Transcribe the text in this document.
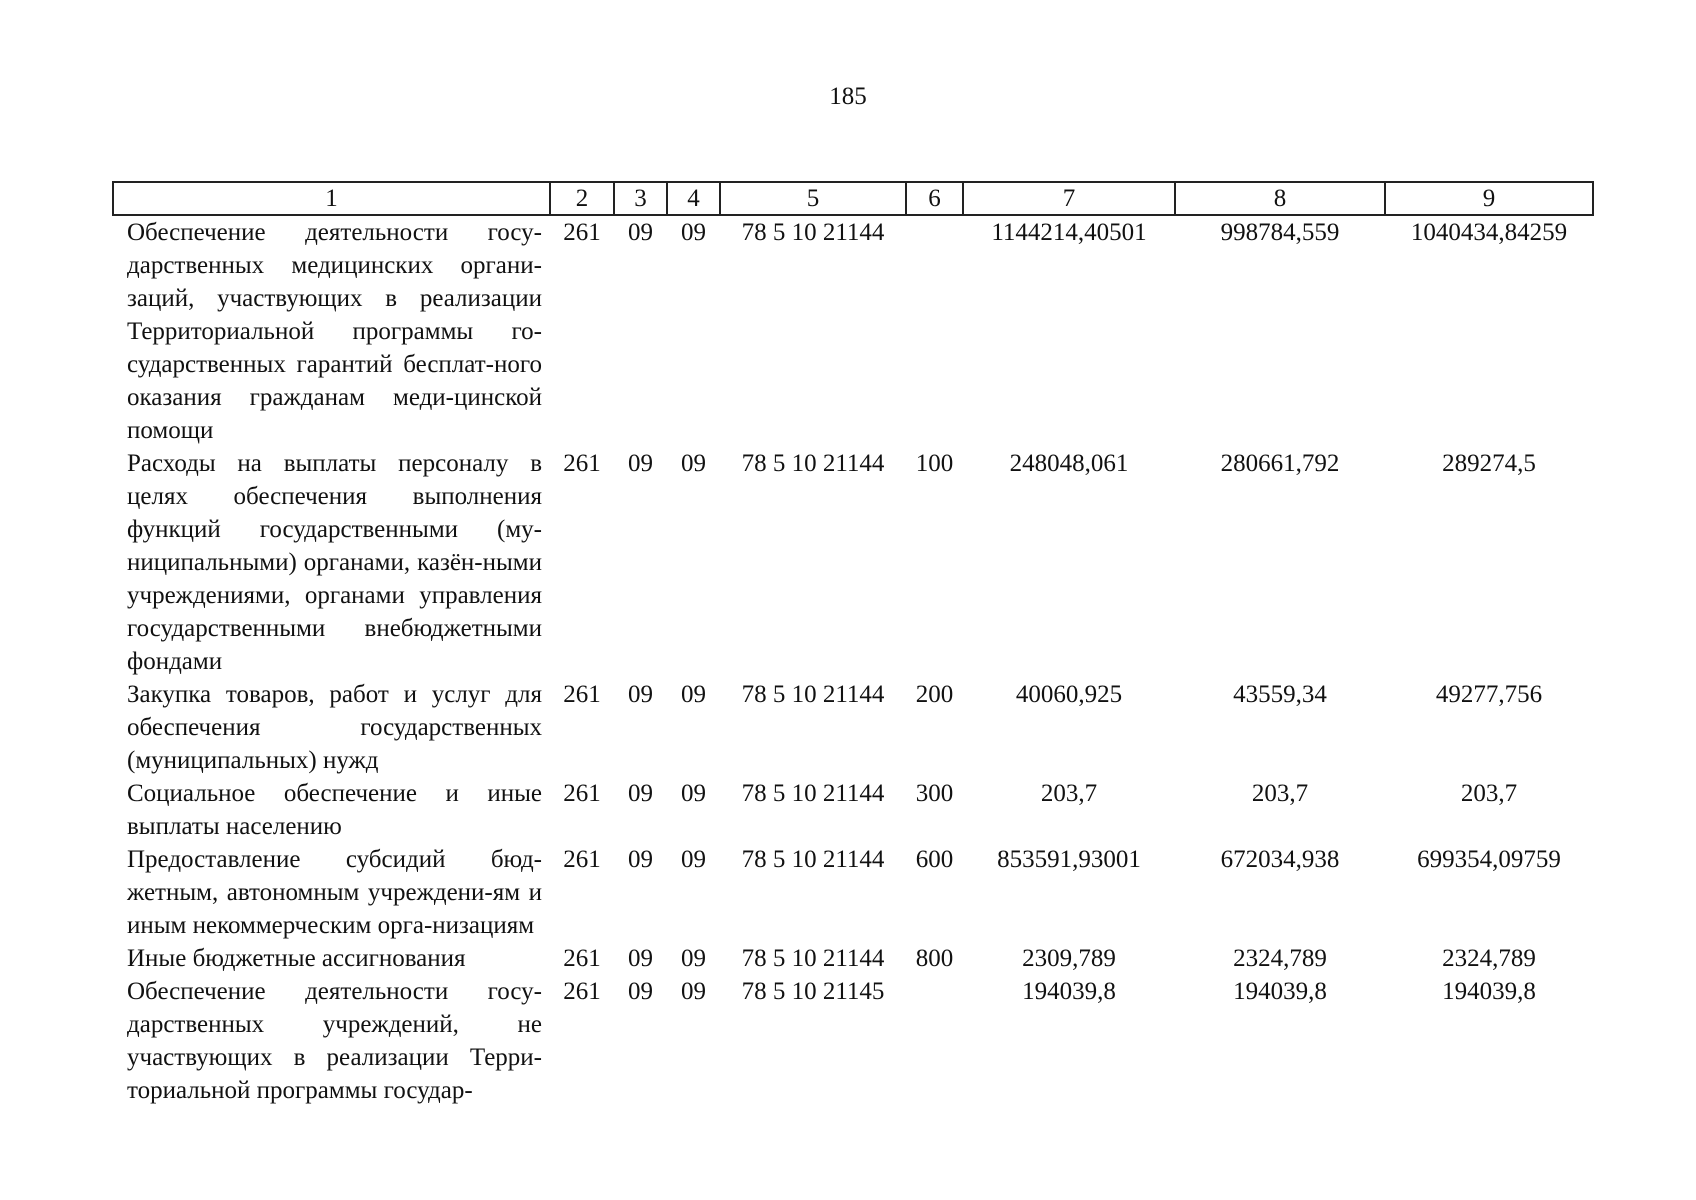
185
1	2	3	4	5	6	7	8	9
Обеспечение деятельности госу-дарственных медицинских органи-заций, участвующих в реализации Территориальной программы го-сударственных гарантий бесплат-ного оказания гражданам меди-цинской помощи	261	09	09	78 5 10 21144		1144214,40501	998784,559	1040434,84259
Расходы на выплаты персоналу в целях обеспечения выполнения функций государственными (му-ниципальными) органами, казён-ными учреждениями, органами управления государственными внебюджетными фондами	261	09	09	78 5 10 21144	100	248048,061	280661,792	289274,5
Закупка товаров, работ и услуг для обеспечения государственных (муниципальных) нужд	261	09	09	78 5 10 21144	200	40060,925	43559,34	49277,756
Социальное обеспечение и иные выплаты населению	261	09	09	78 5 10 21144	300	203,7	203,7	203,7
Предоставление субсидий бюд-жетным, автономным учреждени-ям и иным некоммерческим орга-низациям	261	09	09	78 5 10 21144	600	853591,93001	672034,938	699354,09759
Иные бюджетные ассигнования	261	09	09	78 5 10 21144	800	2309,789	2324,789	2324,789
Обеспечение деятельности госу-дарственных учреждений, не участвующих в реализации Терри-ториальной программы государ-	261	09	09	78 5 10 21145		194039,8	194039,8	194039,8
